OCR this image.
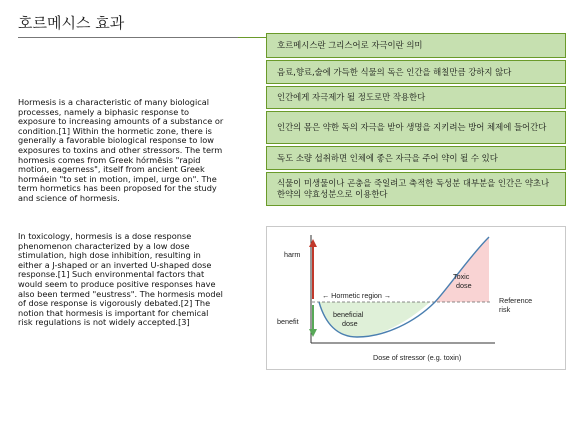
호르메시스 효과
호르메시스란 그리스어로 자극이란 의미
음료,향료,술에 가득한 식물의 독은 인간을 해칠만큼 강하지 않다
인간에게 자극제가 될 정도로만 작용한다
인간의 몸은 약한 독의 자극을 받아 생명을 지키려는 방어 체제에 들어간다
독도 소량 섭취하면 인체에 좋은 자극을 주어 약이 될 수 있다
식물이 미생물이나 곤충을 죽일려고 축적한 독성분 대부분을 인간은 약초나 한약의 약효성분으로 이용한다
Hormesis is a characteristic of many biological processes, namely a biphasic response to exposure to increasing amounts of a substance or condition.[1] Within the hormetic zone, there is generally a favorable biological response to low exposures to toxins and other stressors. The term hormesis comes from Greek hórmēsis "rapid motion, eagerness", itself from ancient Greek hormáein "to set in motion, impel, urge on". The term hormetics has been proposed for the study and science of hormesis.
In toxicology, hormesis is a dose response phenomenon characterized by a low dose stimulation, high dose inhibition, resulting in either a J-shaped or an inverted U-shaped dose response.[1] Such environmental factors that would seem to produce positive responses have also been termed "eustress". The hormesis model of dose response is vigorously debated.[2] The notion that hormesis is important for chemical risk regulations is not widely accepted.[3]
harm
benefit
← Hormetic region →
Toxic
dose
beneficial
dose
Reference
risk
Dose of stressor (e.g. toxin)
